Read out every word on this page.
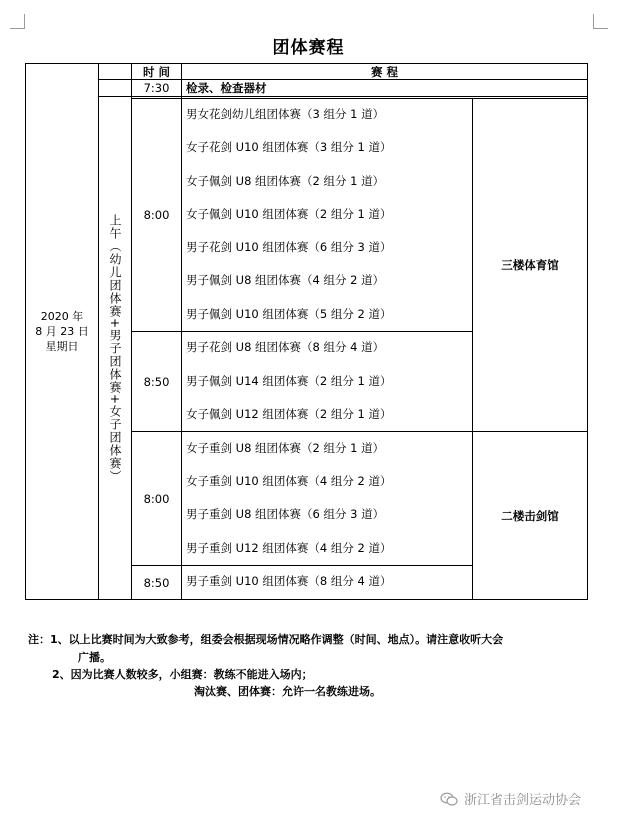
团体赛程
时 间	赛 程
2020 年
8 月 23 日
星期日 上午（幼儿团体赛+男子团体赛+女子团体赛）
7:30	检录、检查器材
8:00
8:50
8:00
8:50
男女花剑幼儿组团体赛（3 组分 1 道）
女子花剑 U10 组团体赛（3 组分 1 道）
女子佩剑 U8 组团体赛（2 组分 1 道）
女子佩剑 U10 组团体赛（2 组分 1 道）
男子花剑 U10 组团体赛（6 组分 3 道）
男子佩剑 U8 组团体赛（4 组分 2 道）
男子佩剑 U10 组团体赛（5 组分 2 道）
男子花剑 U8 组团体赛（8 组分 4 道）
男子佩剑 U14 组团体赛（2 组分 1 道）
女子佩剑 U12 组团体赛（2 组分 1 道）
女子重剑 U8 组团体赛（2 组分 1 道）
女子重剑 U10 组团体赛（4 组分 2 道）
男子重剑 U8 组团体赛（6 组分 3 道）
男子重剑 U12 组团体赛（4 组分 2 道）
男子重剑 U10 组团体赛（8 组分 4 道）
三楼体育馆
二楼击剑馆
注：1、以上比赛时间为大致参考，组委会根据现场情况略作调整（时间、地点）。请注意收听大会
广播。
2、因为比赛人数较多，小组赛：教练不能进入场内；
淘汰赛、团体赛：允许一名教练进场。
浙江省击剑运动协会
